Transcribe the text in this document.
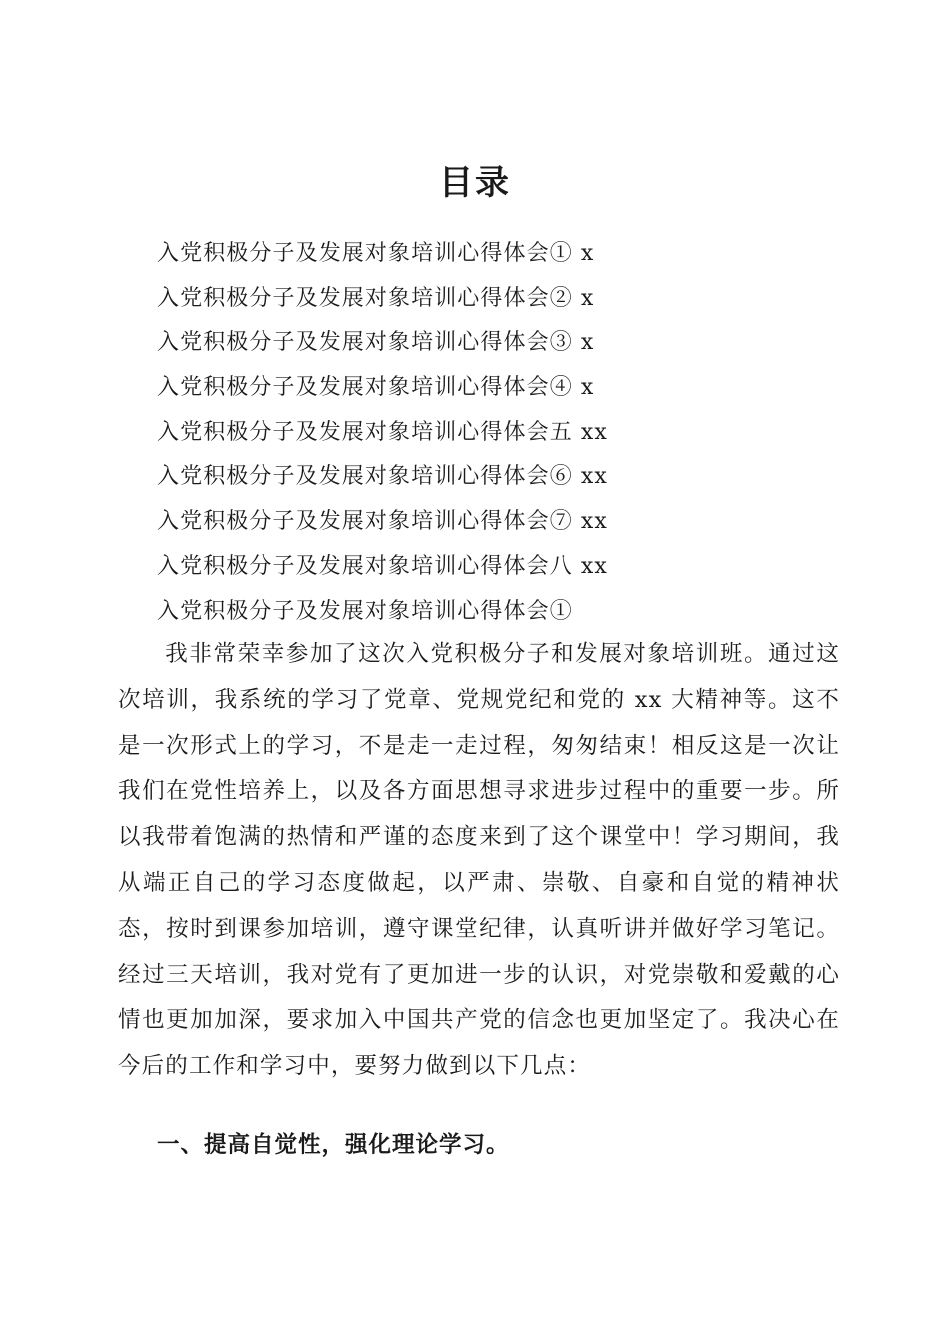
目录
入党积极分子及发展对象培训心得体会① x
入党积极分子及发展对象培训心得体会② x
入党积极分子及发展对象培训心得体会③ x
入党积极分子及发展对象培训心得体会④ x
入党积极分子及发展对象培训心得体会五 xx
入党积极分子及发展对象培训心得体会⑥ xx
入党积极分子及发展对象培训心得体会⑦ xx
入党积极分子及发展对象培训心得体会八 xx
入党积极分子及发展对象培训心得体会①

我非常荣幸参加了这次入党积极分子和发展对象培训班。通过这次培训，我系统的学习了党章、党规党纪和党的 xx 大精神等。这不是一次形式上的学习，不是走一走过程，匆匆结束！相反这是一次让我们在党性培养上，以及各方面思想寻求进步过程中的重要一步。所以我带着饱满的热情和严谨的态度来到了这个课堂中！学习期间，我从端正自己的学习态度做起，以严肃、崇敬、自豪和自觉的精神状态，按时到课参加培训，遵守课堂纪律，认真听讲并做好学习笔记。经过三天培训，我对党有了更加进一步的认识，对党崇敬和爱戴的心情也更加加深，要求加入中国共产党的信念也更加坚定了。我决心在今后的工作和学习中，要努力做到以下几点：

一、提高自觉性，强化理论学习。
